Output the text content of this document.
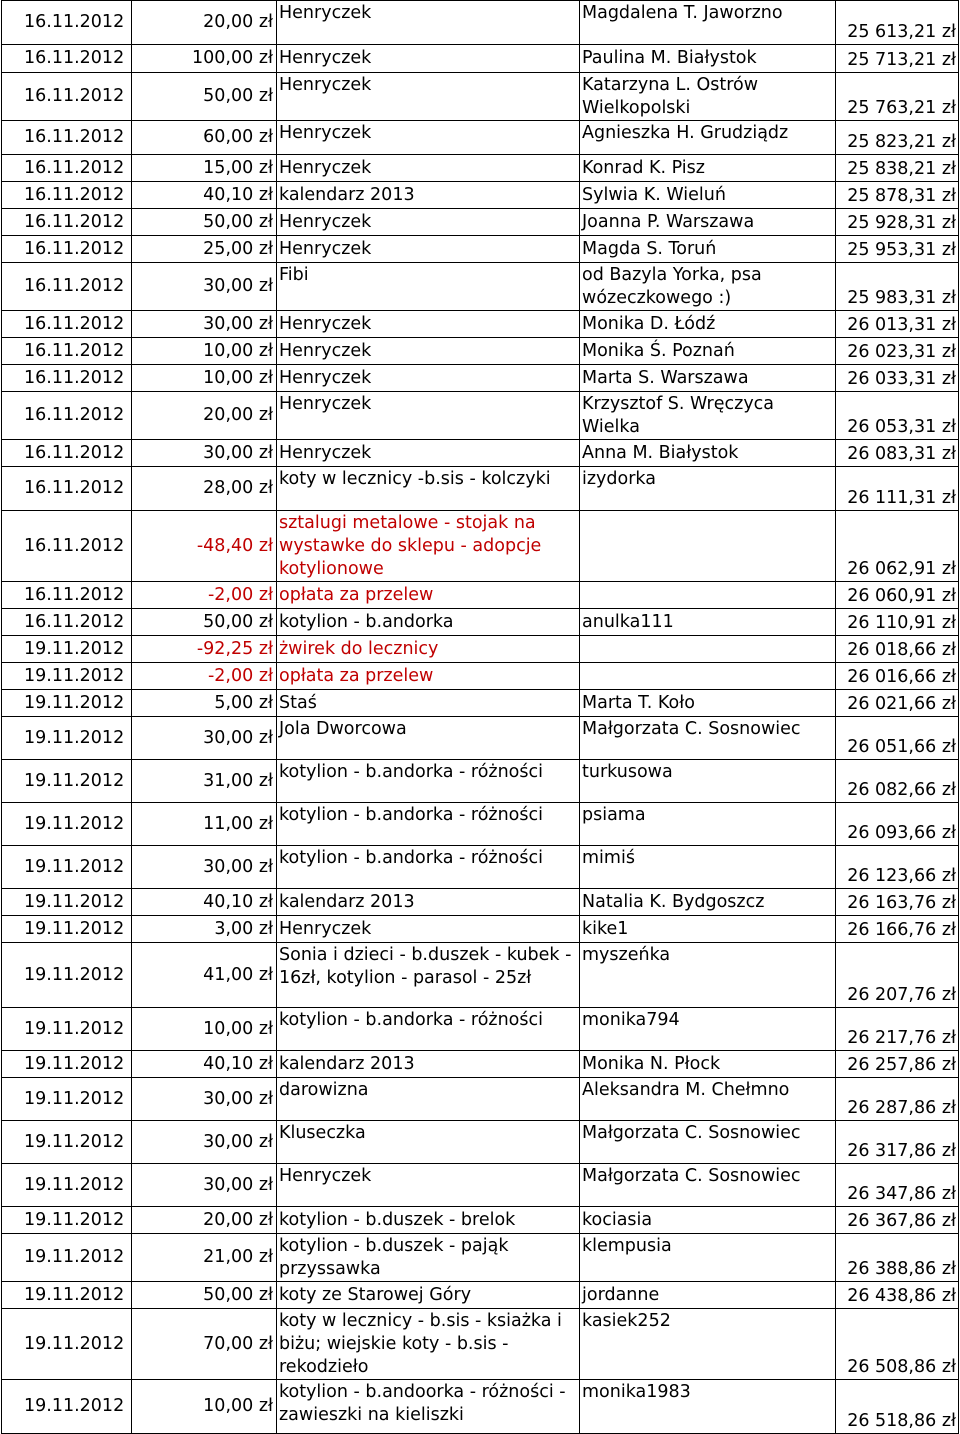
16.11.2012	20,00 zł	Henryczek	Magdalena T. Jaworzno	25 613,21 zł
16.11.2012	100,00 zł	Henryczek	Paulina M. Białystok	25 713,21 zł
16.11.2012	50,00 zł	Henryczek	Katarzyna L. Ostrów Wielkopolski	25 763,21 zł
16.11.2012	60,00 zł	Henryczek	Agnieszka H. Grudziądz	25 823,21 zł
16.11.2012	15,00 zł	Henryczek	Konrad K. Pisz	25 838,21 zł
16.11.2012	40,10 zł	kalendarz 2013	Sylwia K. Wieluń	25 878,31 zł
16.11.2012	50,00 zł	Henryczek	Joanna P. Warszawa	25 928,31 zł
16.11.2012	25,00 zł	Henryczek	Magda S. Toruń	25 953,31 zł
16.11.2012	30,00 zł	Fibi	od Bazyla Yorka, psa wózeczkowego :)	25 983,31 zł
16.11.2012	30,00 zł	Henryczek	Monika D. Łódź	26 013,31 zł
16.11.2012	10,00 zł	Henryczek	Monika Ś. Poznań	26 023,31 zł
16.11.2012	10,00 zł	Henryczek	Marta S. Warszawa	26 033,31 zł
16.11.2012	20,00 zł	Henryczek	Krzysztof S. Wręczyca Wielka	26 053,31 zł
16.11.2012	30,00 zł	Henryczek	Anna M. Białystok	26 083,31 zł
16.11.2012	28,00 zł	koty w lecznicy -b.sis - kolczyki	izydorka	26 111,31 zł
16.11.2012	-48,40 zł	sztalugi metalowe - stojak na wystawke do sklepu - adopcje kotylionowe		26 062,91 zł
16.11.2012	-2,00 zł	opłata za przelew		26 060,91 zł
16.11.2012	50,00 zł	kotylion - b.andorka	anulka111	26 110,91 zł
19.11.2012	-92,25 zł	żwirek do lecznicy		26 018,66 zł
19.11.2012	-2,00 zł	opłata za przelew		26 016,66 zł
19.11.2012	5,00 zł	Staś	Marta T. Koło	26 021,66 zł
19.11.2012	30,00 zł	Jola Dworcowa	Małgorzata C. Sosnowiec	26 051,66 zł
19.11.2012	31,00 zł	kotylion - b.andorka - różności	turkusowa	26 082,66 zł
19.11.2012	11,00 zł	kotylion - b.andorka - różności	psiama	26 093,66 zł
19.11.2012	30,00 zł	kotylion - b.andorka - różności	mimiś	26 123,66 zł
19.11.2012	40,10 zł	kalendarz 2013	Natalia K. Bydgoszcz	26 163,76 zł
19.11.2012	3,00 zł	Henryczek	kike1	26 166,76 zł
19.11.2012	41,00 zł	Sonia i dzieci - b.duszek - kubek - 16zł, kotylion - parasol - 25zł	myszeńka	26 207,76 zł
19.11.2012	10,00 zł	kotylion - b.andorka - różności	monika794	26 217,76 zł
19.11.2012	40,10 zł	kalendarz 2013	Monika N. Płock	26 257,86 zł
19.11.2012	30,00 zł	darowizna	Aleksandra M. Chełmno	26 287,86 zł
19.11.2012	30,00 zł	Kluseczka	Małgorzata C. Sosnowiec	26 317,86 zł
19.11.2012	30,00 zł	Henryczek	Małgorzata C. Sosnowiec	26 347,86 zł
19.11.2012	20,00 zł	kotylion - b.duszek - brelok	kociasia	26 367,86 zł
19.11.2012	21,00 zł	kotylion - b.duszek - pająk przyssawka	klempusia	26 388,86 zł
19.11.2012	50,00 zł	koty ze Starowej Góry	jordanne	26 438,86 zł
19.11.2012	70,00 zł	koty w lecznicy - b.sis - ksiażka i bіżu; wiejskie koty - b.sis - rekodzieło	kasiek252	26 508,86 zł
19.11.2012	10,00 zł	kotylion - b.andoorka - różności - zawieszki na kieliszki	monika1983	26 518,86 zł
